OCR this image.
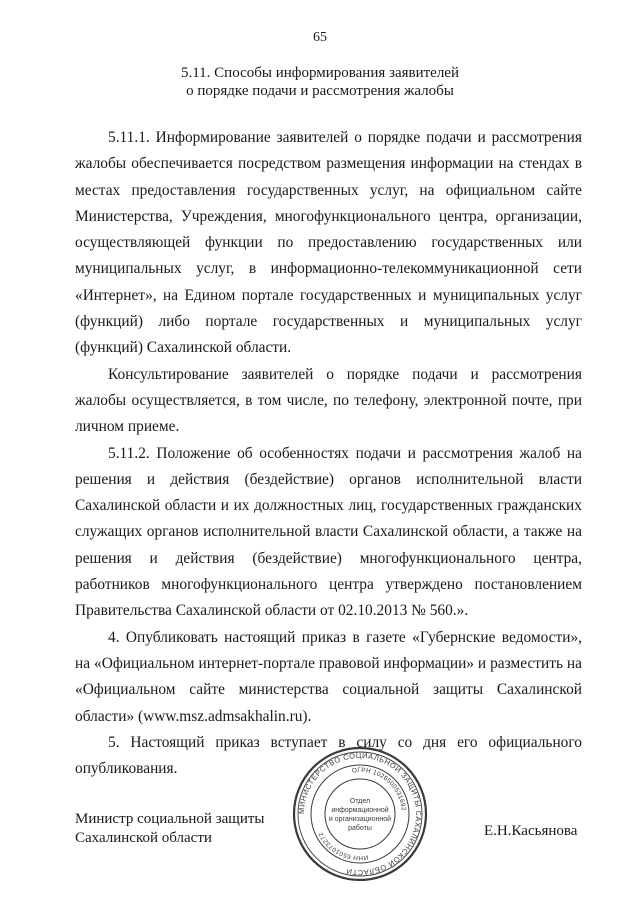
65
5.11. Способы информирования заявителей
о порядке подачи и рассмотрения жалобы

5.11.1. Информирование заявителей о порядке подачи и рассмотрения жалобы обеспечивается посредством размещения информации на стендах в местах предоставления государственных услуг, на официальном сайте Министерства, Учреждения, многофункционального центра, организации, осуществляющей функции по предоставлению государственных или муниципальных услуг, в информационно-телекоммуникационной сети «Интернет», на Едином портале государственных и муниципальных услуг (функций) либо портале государственных и муниципальных услуг (функций) Сахалинской области.

Консультирование заявителей о порядке подачи и рассмотрения жалобы осуществляется, в том числе, по телефону, электронной почте, при личном приеме.

5.11.2. Положение об особенностях подачи и рассмотрения жалоб на решения и действия (бездействие) органов исполнительной власти Сахалинской области и их должностных лиц, государственных гражданских служащих органов исполнительной власти Сахалинской области, а также на решения и действия (бездействие) многофункционального центра, работников многофункционального центра утверждено постановлением Правительства Сахалинской области от 02.10.2013 № 560.».

4. Опубликовать настоящий приказ в газете «Губернские ведомости», на «Официальном интернет-портале правовой информации» и разместить на «Официальном сайте министерства социальной защиты Сахалинской области» (www.msz.admsakhalin.ru).

5. Настоящий приказ вступает в силу со дня его официального опубликования.

Министр социальной защиты
Сахалинской области
МИНИСТЕРСТВО СОЦИАЛЬНОЙ ЗАЩИТЫ САХАЛИНСКОЙ ОБЛАСТИ
ОГРН 1026500531692
ИНН 6501073272
Отдел
информационной
и организационной
работы	Е.Н.Касьянова
